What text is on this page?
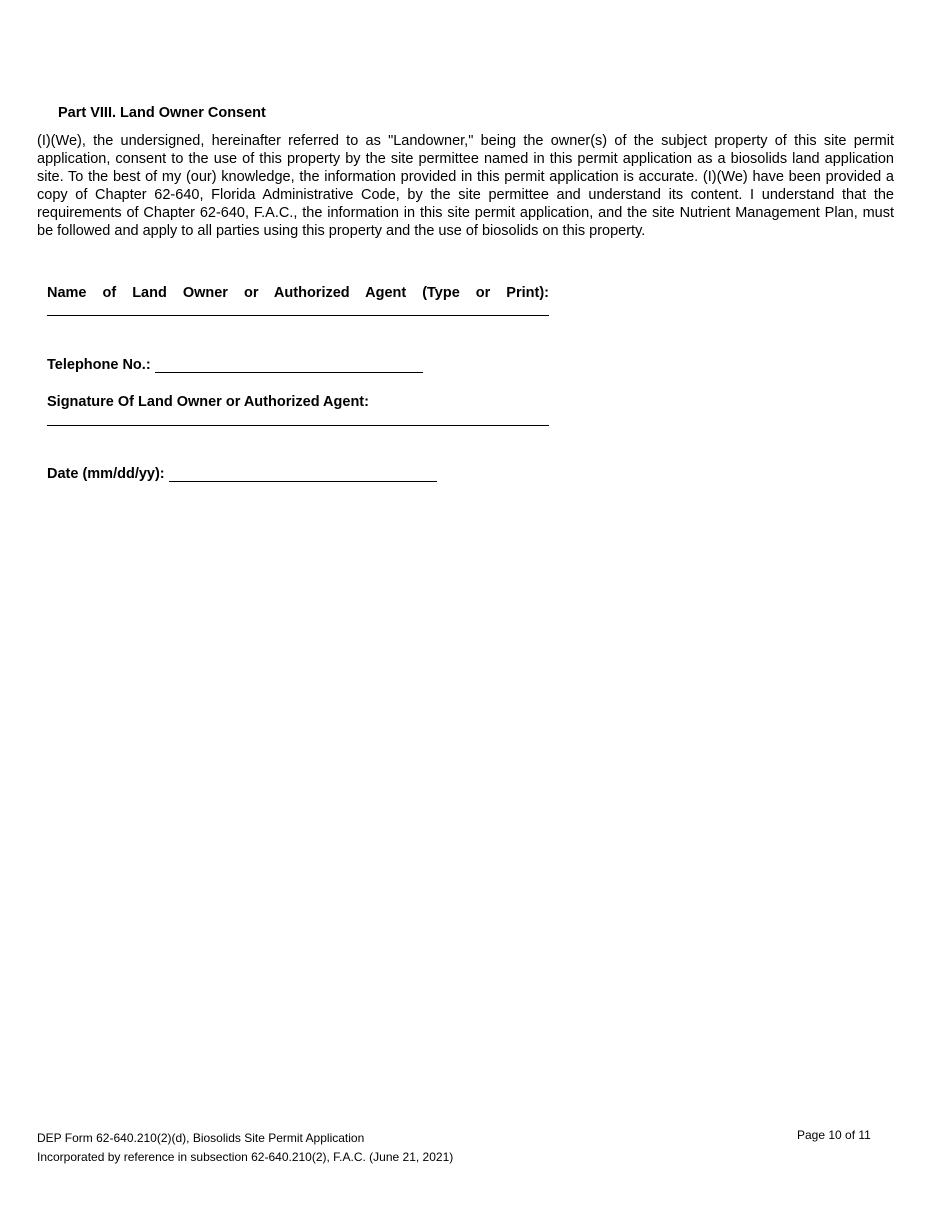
Part VIII. Land Owner Consent

(I)(We), the undersigned, hereinafter referred to as "Landowner," being the owner(s) of the subject property of this site permit application, consent to the use of this property by the site permittee named in this permit application as a biosolids land application site. To the best of my (our) knowledge, the information provided in this permit application is accurate. (I)(We) have been provided a copy of Chapter 62-640, Florida Administrative Code, by the site permittee and understand its content. I understand that the requirements of Chapter 62-640, F.A.C., the information in this site permit application, and the site Nutrient Management Plan, must be followed and apply to all parties using this property and the use of biosolids on this property.

Name of Land Owner or Authorized Agent (Type or Print):
Telephone No.:
Signature Of Land Owner or Authorized Agent:
Date (mm/dd/yy):
DEP Form 62-640.210(2)(d), Biosolids Site Permit Application
Incorporated by reference in subsection 62-640.210(2), F.A.C. (June 21, 2021)
Page 10 of 11
